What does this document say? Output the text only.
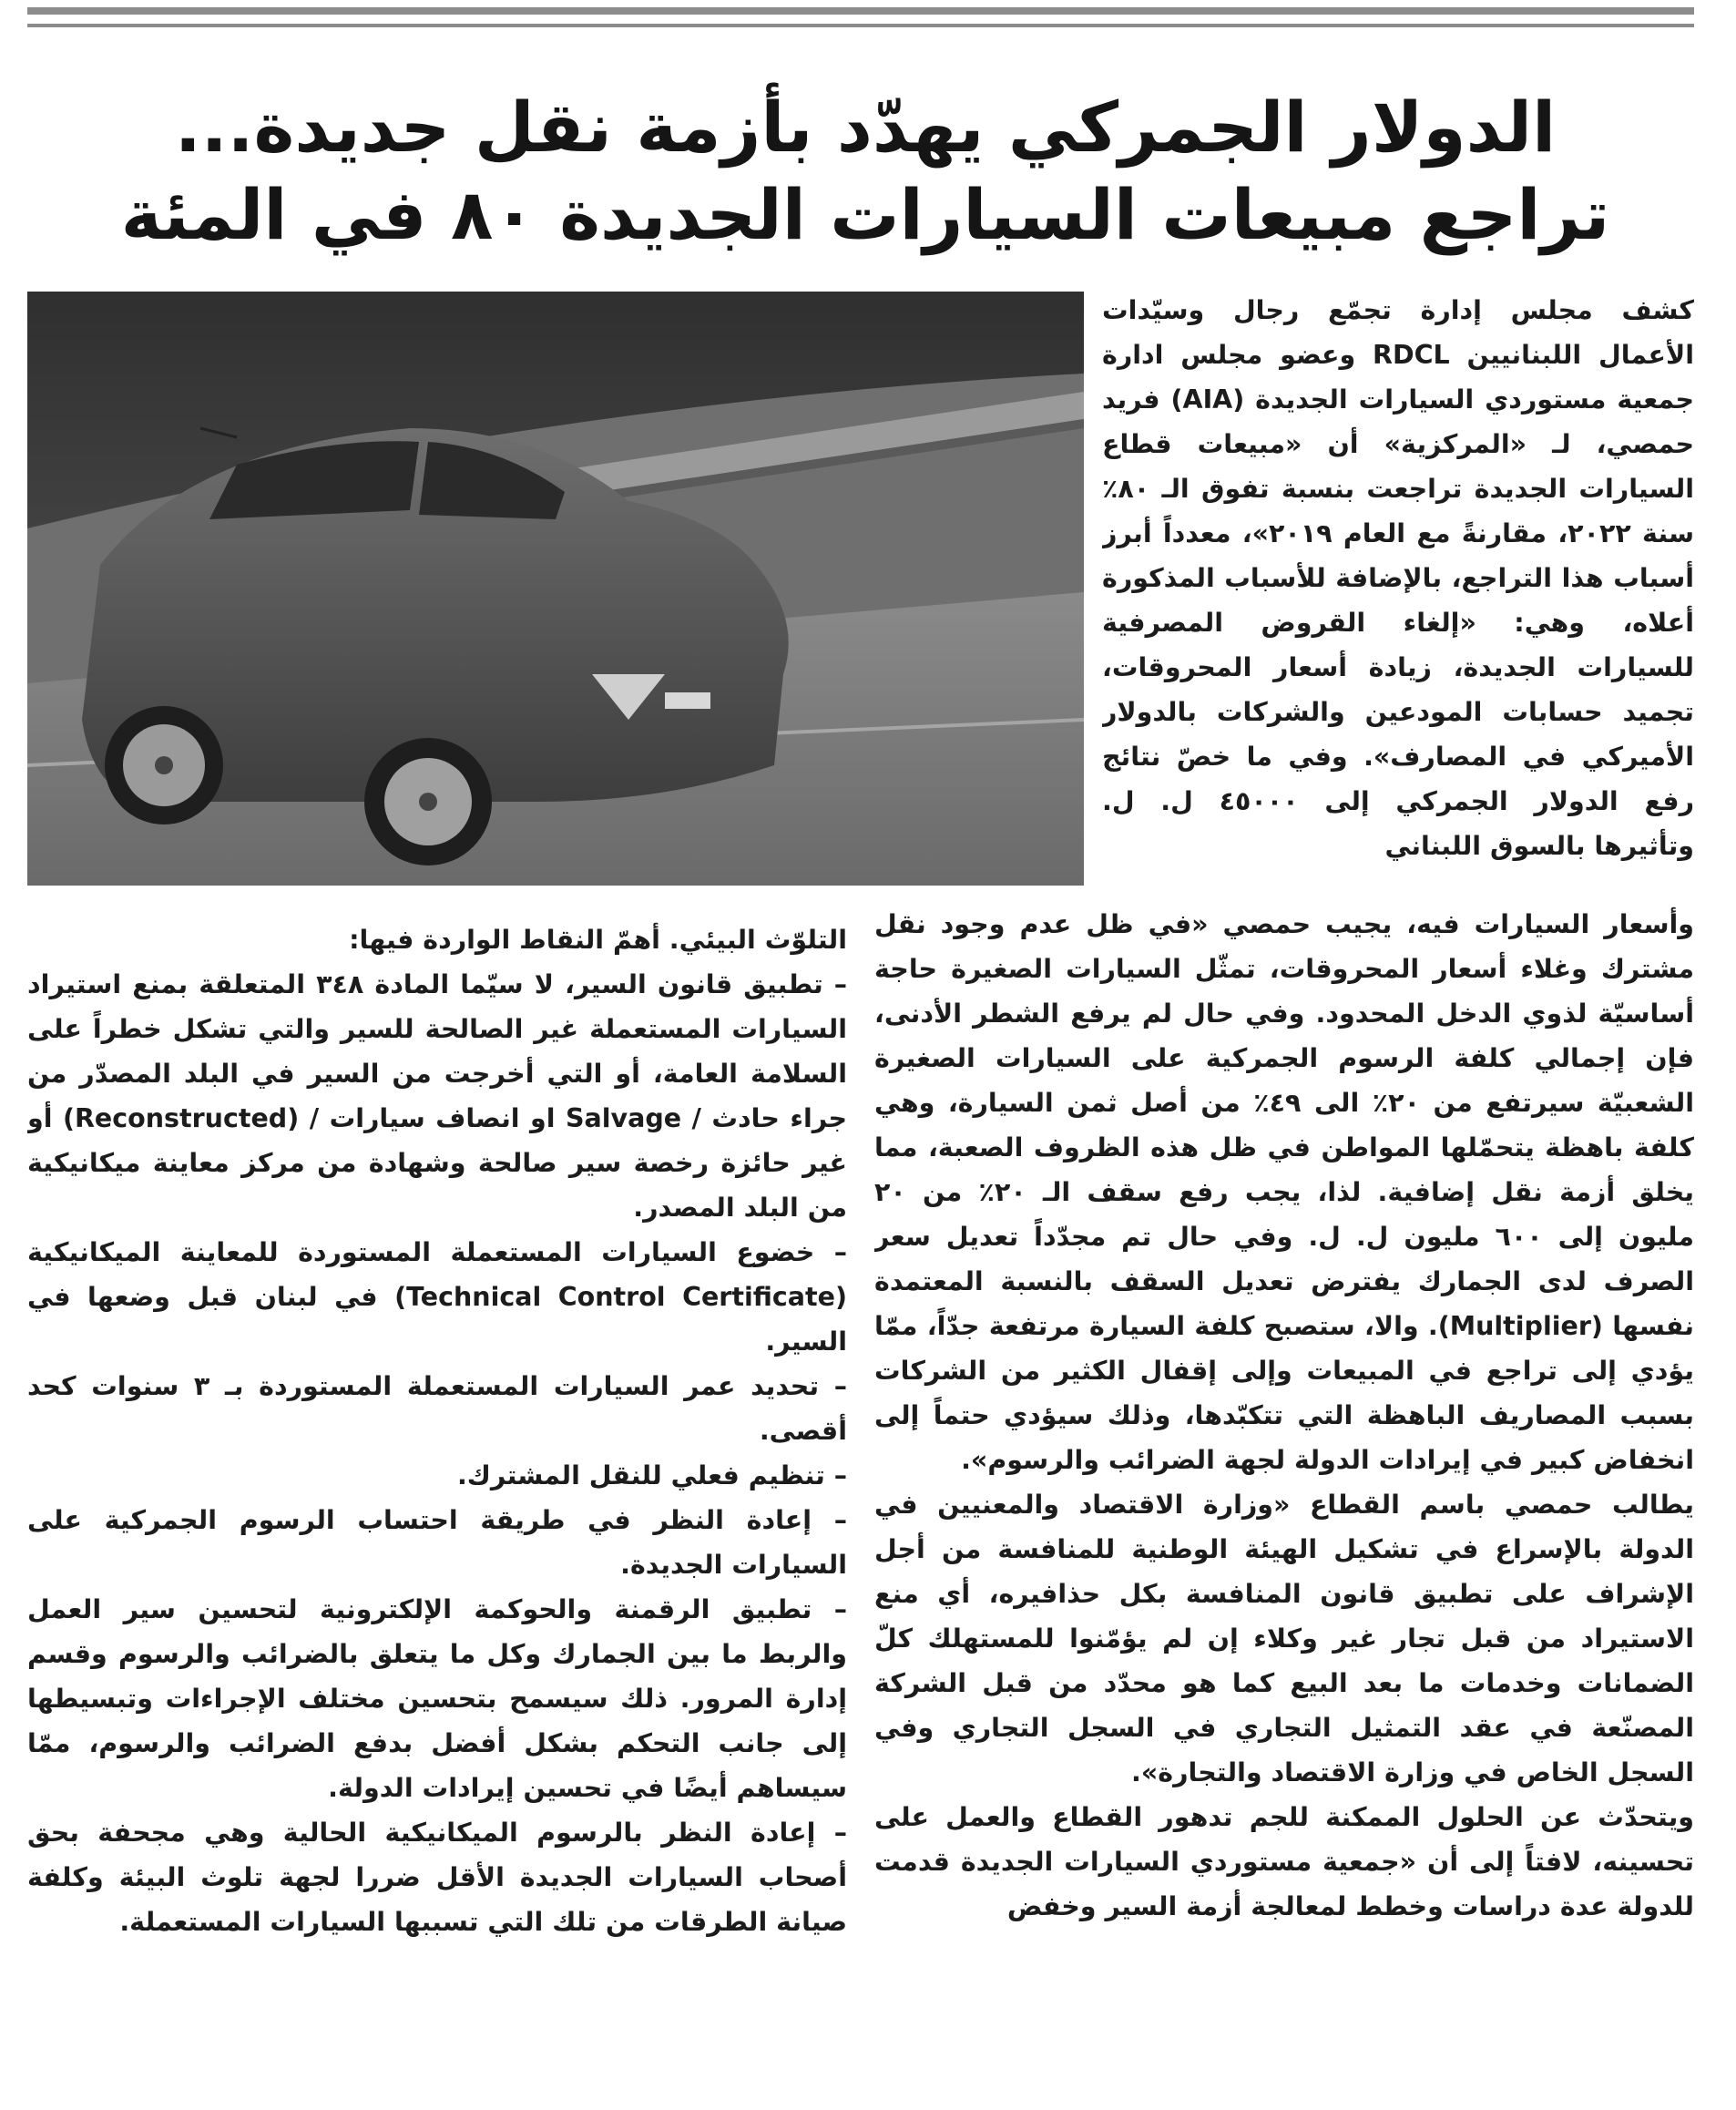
الدولار الجمركي يهدّد بأزمة نقل جديدة...
تراجع مبيعات السيارات الجديدة ٨٠ في المئة

كشف مجلس إدارة تجمّع رجال وسيّدات الأعمال اللبنانيين RDCL وعضو مجلس ادارة جمعية مستوردي السيارات الجديدة (AIA) فريد حمصي، لـ «المركزية» أن «مبيعات قطاع السيارات الجديدة تراجعت بنسبة تفوق الـ ٨٠٪ سنة ٢٠٢٢، مقارنةً مع العام ٢٠١٩»، معدداً أبرز أسباب هذا التراجع، بالإضافة للأسباب المذكورة أعلاه، وهي: «إلغاء القروض المصرفية للسيارات الجديدة، زيادة أسعار المحروقات، تجميد حسابات المودعين والشركات بالدولار الأميركي في المصارف». وفي ما خصّ نتائج رفع الدولار الجمركي إلى ٤٥٠٠٠ ل. ل. وتأثيرها بالسوق اللبناني

وأسعار السيارات فيه، يجيب حمصي «في ظل عدم وجود نقل مشترك وغلاء أسعار المحروقات، تمثّل السيارات الصغيرة حاجة أساسيّة لذوي الدخل المحدود. وفي حال لم يرفع الشطر الأدنى، فإن إجمالي كلفة الرسوم الجمركية على السيارات الصغيرة الشعبيّة سيرتفع من ٢٠٪ الى ٤٩٪ من أصل ثمن السيارة، وهي كلفة باهظة يتحمّلها المواطن في ظل هذه الظروف الصعبة، مما يخلق أزمة نقل إضافية. لذا، يجب رفع سقف الـ ٢٠٪ من ٢٠ مليون إلى ٦٠٠ مليون ل. ل. وفي حال تم مجدّداً تعديل سعر الصرف لدى الجمارك يفترض تعديل السقف بالنسبة المعتمدة نفسها (Multiplier). والا، ستصبح كلفة السيارة مرتفعة جدّاً، ممّا يؤدي إلى تراجع في المبيعات وإلى إقفال الكثير من الشركات بسبب المصاريف الباهظة التي تتكبّدها، وذلك سيؤدي حتماً إلى انخفاض كبير في إيرادات الدولة لجهة الضرائب والرسوم».

يطالب حمصي باسم القطاع «وزارة الاقتصاد والمعنيين في الدولة بالإسراع في تشكيل الهيئة الوطنية للمنافسة من أجل الإشراف على تطبيق قانون المنافسة بكل حذافيره، أي منع الاستيراد من قبل تجار غير وكلاء إن لم يؤمّنوا للمستهلك كلّ الضمانات وخدمات ما بعد البيع كما هو محدّد من قبل الشركة المصنّعة في عقد التمثيل التجاري في السجل التجاري وفي السجل الخاص في وزارة الاقتصاد والتجارة».

ويتحدّث عن الحلول الممكنة للجم تدهور القطاع والعمل على تحسينه، لافتاً إلى أن «جمعية مستوردي السيارات الجديدة قدمت للدولة عدة دراسات وخطط لمعالجة أزمة السير وخفض

التلوّث البيئي. أهمّ النقاط الواردة فيها:

– تطبيق قانون السير، لا سيّما المادة ٣٤٨ المتعلقة بمنع استيراد السيارات المستعملة غير الصالحة للسير والتي تشكل خطراً على السلامة العامة، أو التي أخرجت من السير في البلد المصدّر من جراء حادث / Salvage او انصاف سيارات / (Reconstructed) أو غير حائزة رخصة سير صالحة وشهادة من مركز معاينة ميكانيكية من البلد المصدر.

– خضوع السيارات المستعملة المستوردة للمعاينة الميكانيكية (Technical Control Certificate) في لبنان قبل وضعها في السير.

– تحديد عمر السيارات المستعملة المستوردة بـ ٣ سنوات كحد أقصى.

– تنظيم فعلي للنقل المشترك.

– إعادة النظر في طريقة احتساب الرسوم الجمركية على السيارات الجديدة.

– تطبيق الرقمنة والحوكمة الإلكترونية لتحسين سير العمل والربط ما بين الجمارك وكل ما يتعلق بالضرائب والرسوم وقسم إدارة المرور. ذلك سيسمح بتحسين مختلف الإجراءات وتبسيطها إلى جانب التحكم بشكل أفضل بدفع الضرائب والرسوم، ممّا سيساهم أيضًا في تحسين إيرادات الدولة.

– إعادة النظر بالرسوم الميكانيكية الحالية وهي مجحفة بحق أصحاب السيارات الجديدة الأقل ضررا لجهة تلوث البيئة وكلفة صيانة الطرقات من تلك التي تسببها السيارات المستعملة.
